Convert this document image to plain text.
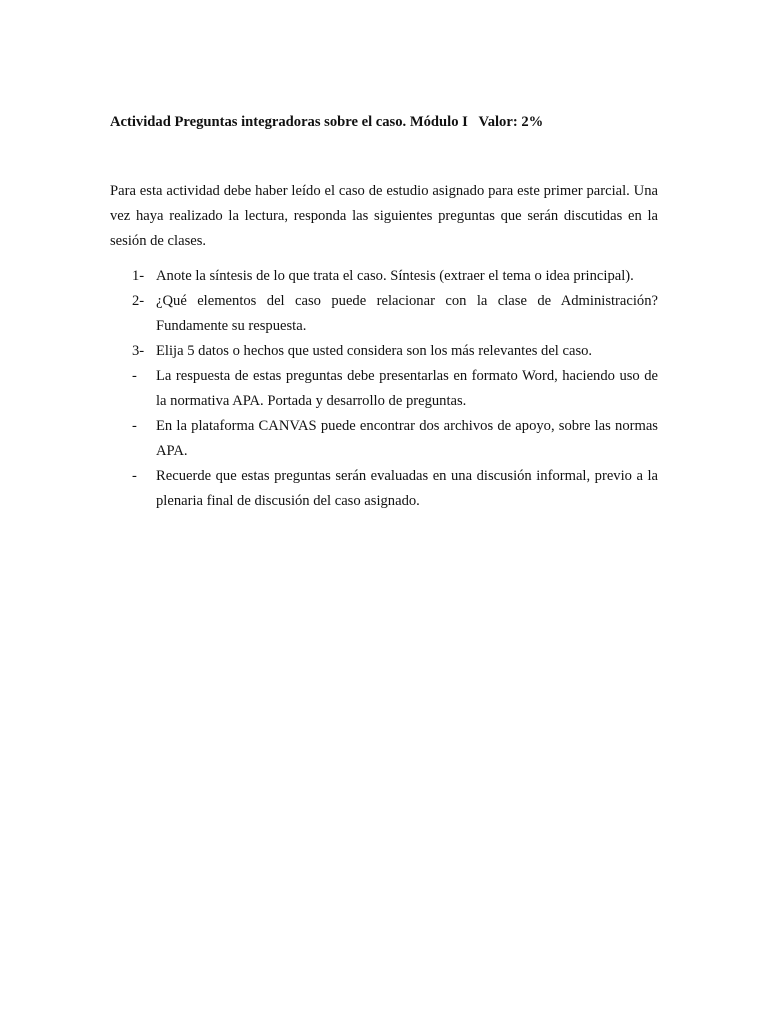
Actividad Preguntas integradoras sobre el caso. Módulo I   Valor: 2%

Para esta actividad debe haber leído el caso de estudio asignado para este primer parcial. Una vez haya realizado la lectura, responda las siguientes preguntas que serán discutidas en la sesión de clases.

1- Anote la síntesis de lo que trata el caso. Síntesis (extraer el tema o idea principal).
2- ¿Qué elementos del caso puede relacionar con la clase de Administración? Fundamente su respuesta.
3- Elija 5 datos o hechos que usted considera son los más relevantes del caso.
-	La respuesta de estas preguntas debe presentarlas en formato Word, haciendo uso de la normativa APA. Portada y desarrollo de preguntas.
-	En la plataforma CANVAS puede encontrar dos archivos de apoyo, sobre las normas APA.
-	Recuerde que estas preguntas serán evaluadas en una discusión informal, previo a la plenaria final de discusión del caso asignado.
